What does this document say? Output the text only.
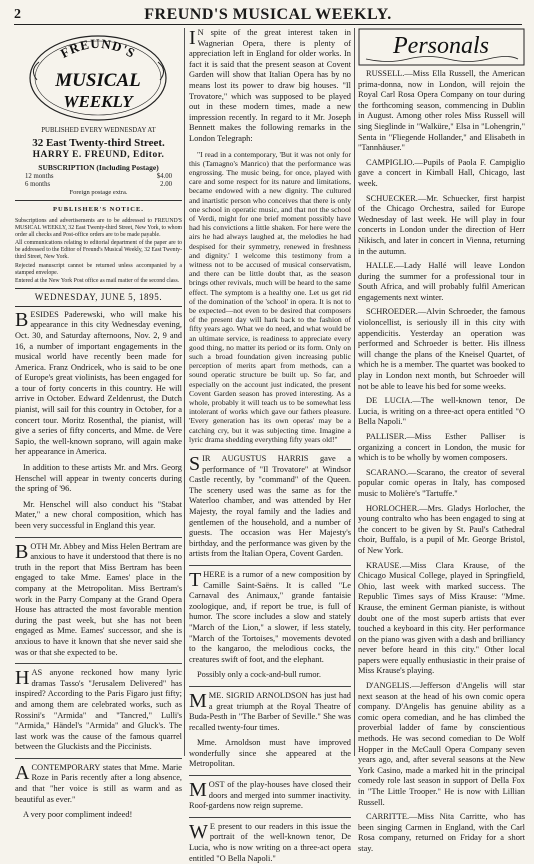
2	FREUND'S MUSICAL WEEKLY.
FREUND'S
MUSICAL
WEEKLY
PUBLISHED EVERY WEDNESDAY AT
32 East Twenty-third Street.
HARRY E. FREUND, Editor.
SUBSCRIPTION (Including Postage)
12 months	$4.00
6 months	2.00
Foreign postage extra.
PUBLISHER'S NOTICE.
Subscriptions and advertisements are to be addressed to FREUND'S MUSICAL WEEKLY, 32 East Twenty-third Street, New York, to whom order all checks and Post-office orders are to be made payable.
All communications relating to editorial department of the paper are to be addressed to the Editor of Freund's Musical Weekly, 32 East Twenty-third Street, New York.
Rejected manuscript cannot be returned unless accompanied by a stamped envelope.
Entered at the New York Post office as mail matter of the second class.
WEDNESDAY, JUNE 5, 1895.

BESIDES Paderewski, who will make his appearance in this city Wednesday evening, Oct. 30, and Saturday afternoons, Nov. 2, 9 and 16, a number of important engagements in the musical world have recently been made for America. Franz Ondricek, who is said to be one of Europe's great violinists, has been engaged for a tour of forty concerts in this country. He will arrive in October. Edward Zeldenrust, the Dutch pianist, will sail for this country in October, for a concert tour. Moritz Rosenthal, the pianist, will give a series of fifty concerts, and Mme. de Vere Sapio, the well-known soprano, will again make her appearance in America.

In addition to these artists Mr. and Mrs. Georg Henschel will appear in twenty concerts during the spring of '96.

Mr. Henschel will also conduct his "Stabat Mater," a new choral composition, which has been very successful in England this year.

BOTH Mr. Abbey and Miss Helen Bertram are anxious to have it understood that there is no truth in the report that Miss Bertram has been engaged to take Mme. Eames' place in the company at the Metropolitan. Miss Bertram's work in the Parry Company at the Grand Opera House has attracted the most favorable mention during the past week, but she has not been engaged as Mme. Eames' successor, and she is anxious to have it known that she never said she was or that she expected to be.

HAS anyone reckoned how many lyric dramas Tasso's "Jerusalem Delivered" has inspired? According to the Paris Figaro just fifty; and among them are celebrated works, such as Rossini's "Armida" and "Tancred," Lulli's "Armida," Händel's "Armida" and Gluck's. The last work was the cause of the famous quarrel between the Gluckists and the Piccinists.

ACONTEMPORARY states that Mme. Marie Roze in Paris recently after a long absence, and that "her voice is still as warm and as beautiful as ever."

A very poor compliment indeed!

I N spite of the great interest taken in Wagnerian Opera, there is plenty of appreciation left in England for older works. In fact it is said that the present season at Covent Garden will show that Italian Opera has by no means lost its power to draw big houses. "Il Trovatore," which was supposed to be played out in these modern times, made a new impression recently. In regard to it Mr. Joseph Bennett makes the following remarks in the London Telegraph:

"I read in a contemporary, 'But it was not only for this (Tamagno's Manrico) that the performance was engrossing. The music being, for once, played with care and some respect for its nature and limitations, became endowed with a new dignity. The cultured and inartistic person who conceives that there is only one school in operatic music, and that not the school of Verdi, might for one brief moment possibly have had his convictions a little shaken. For here were the airs he had always laughed at, the melodies he had despised for their symmetry, renewed in freshness and dignity.' I welcome this testimony from a witness not to be accused of musical conservatism, and there can be little doubt that, as the season brings other revivals, much will be heard to the same effect. The symptom is a healthy one. Let us get rid of the domination of the 'school' in opera. It is not to be expected—not even to be desired that composers of the present day will hark back to the fashion of fifty years ago. What we do need, and what would be an ultimate service, is readiness to appreciate every good thing, no matter its period or its form. Only on such a broad foundation given increasing public perception of merits apart from methods, can a sound operatic structure be built up. So far, and especially on the account just indicated, the present Covent Garden season has proved interesting. As a whole, probably it will teach us to be somewhat less intolerant of works which gave our fathers pleasure. 'Every generation has its own operas' may be a catching cry, but it was subjecting time. Imagine a lyric drama shedding everything fifty years old!"

SIR AUGUSTUS HARRIS gave a performance of "Il Trovatore" at Windsor Castle recently, by "command" of the Queen. The scenery used was the same as for the Waterloo chamber, and was attended by Her Majesty, the royal family and the ladies and gentlemen of the household, and a number of guests. The occasion was Her Majesty's birthday, and the performance was given by the artists from the Italian Opera, Covent Garden.

THERE is a rumor of a new composition by Camille Saint-Saëns. It is called "Le Carnaval des Animaux," grande fantaisie zoologique, and, if report be true, is full of humor. The score includes a slow and stately "March of the Lion," a slower, if less stately, "March of the Tortoises," movements devoted to the kangaroo, the melodious cocks, the creatures swift of foot, and the elephant.

Possibly only a cock-and-bull rumor.

MME. SIGRID ARNOLDSON has just had a great triumph at the Royal Theatre of Buda-Pesth in "The Barber of Seville." She was recalled twenty-four times.

Mme. Arnoldson must have improved wonderfully since she appeared at the Metropolitan.

MOST of the play-houses have closed their doors and merged into summer inactivity. Roof-gardens now reign supreme.

W E present to our readers in this issue the portrait of the well-known tenor, De Lucia, who is now writing on a three-act opera entitled "O Bella Napoli."

Personals

RUSSELL.—Miss Ella Russell, the American prima-donna, now in London, will rejoin the Royal Carl Rosa Opera Company on tour during the forthcoming season, commencing in Dublin in August. Among other roles Miss Russell will sing Sieglinde in "Walküre," Elsa in "Lohengrin," Senta in "Fliegende Hollander," and Elisabeth in "Tannhäuser."

CAMPIGLIO.—Pupils of Paola F. Campiglio gave a concert in Kimball Hall, Chicago, last week.

SCHUECKER.—Mr. Schuecker, first harpist of the Chicago Orchestra, sailed for Europe Wednesday of last week. He will play in four concerts in London under the direction of Herr Nikisch, and later in concert in Vienna, returning in the autumn.

HALLE.—Lady Hallé will leave London during the summer for a professional tour in South Africa, and will probably fulfil American engagements next winter.

SCHROEDER.—Alvin Schroeder, the famous violoncellist, is seriously ill in this city with appendicitis. Yesterday an operation was performed and Schroeder is better. His illness will change the plans of the Kneisel Quartet, of which he is a member. The quartet was booked to play in London next month, but Schroeder will not be able to leave his bed for some weeks.

DE LUCIA.—The well-known tenor, De Lucia, is writing on a three-act opera entitled "O Bella Napoli."

PALLISER.—Miss Esther Palliser is organizing a concert in London, the music for which is to be wholly by women composers.

SCARANO.—Scarano, the creator of several popular comic operas in Italy, has composed music to Molière's "Tartuffe."

HORLOCHER.—Mrs. Gladys Horlocher, the young contralto who has been engaged to sing at the concert to be given by St. Paul's Cathedral choir, Buffalo, is a pupil of Mr. George Bristol, of New York.

KRAUSE.—Miss Clara Krause, of the Chicago Musical College, played in Springfield, Ohio, last week with marked success. The Republic Times says of Miss Krause: "Mme. Krause, the eminent German pianiste, is without doubt one of the most superb artists that ever touched a keyboard in this city. Her performance on the piano was given with a dash and brilliancy never before heard in this city." Other local papers were equally enthusiastic in their praise of Miss Krause's playing.

D'ANGELIS.—Jefferson d'Angelis will star next season at the head of his own comic opera company. D'Angelis has genuine ability as a comic opera comedian, and he has climbed the proverbial ladder of fame by conscientious methods. He was second comedian to De Wolf Hopper in the McCaull Opera Company seven years ago, and, after several seasons at the New York Casino, made a marked hit in the principal comedy role last season in support of Della Fox in "The Little Trooper." He is now with Lillian Russell.

CARRITTE.—Miss Nita Carritte, who has been singing Carmen in England, with the Carl Rosa company, returned on Friday for a short stay.
